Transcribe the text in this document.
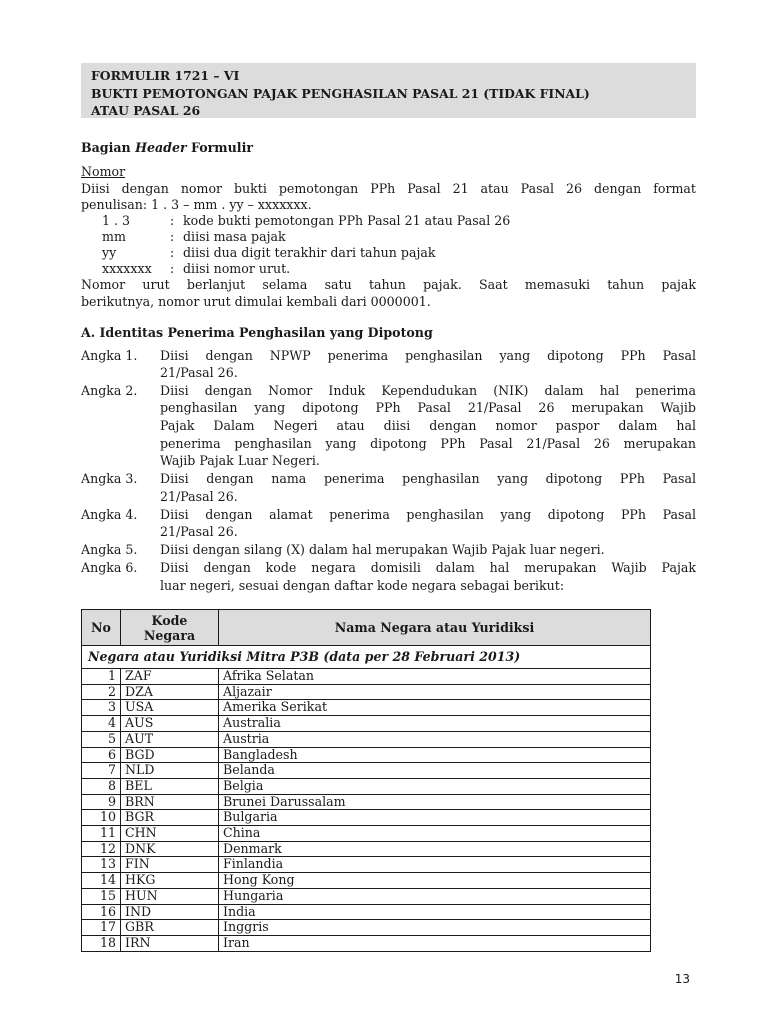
FORMULIR 1721 – VI
BUKTI PEMOTONGAN PAJAK PENGHASILAN PASAL 21 (TIDAK FINAL)
ATAU PASAL 26
Bagian Header Formulir
Nomor
Diisi dengan nomor bukti pemotongan PPh Pasal 21 atau Pasal 26 dengan format
penulisan: 1 . 3 – mm . yy – xxxxxxx.
1 . 3	: kode bukti pemotongan PPh Pasal 21 atau Pasal 26
mm	: diisi masa pajak
yy	: diisi dua digit terakhir dari tahun pajak
xxxxxxx : diisi nomor urut.
Nomor urut berlanjut selama satu tahun pajak. Saat memasuki tahun pajak
berikutnya, nomor urut dimulai kembali dari 0000001.
A. Identitas Penerima Penghasilan yang Dipotong
Angka 1. Diisi dengan NPWP penerima penghasilan yang dipotong PPh Pasal
21/Pasal 26.
Angka 2. Diisi dengan Nomor Induk Kependudukan (NIK) dalam hal penerima
penghasilan yang dipotong PPh Pasal 21/Pasal 26 merupakan Wajib
Pajak Dalam Negeri atau diisi dengan nomor paspor dalam hal
penerima penghasilan yang dipotong PPh Pasal 21/Pasal 26 merupakan
Wajib Pajak Luar Negeri.
Angka 3. Diisi dengan nama penerima penghasilan yang dipotong PPh Pasal
21/Pasal 26.
Angka 4. Diisi dengan alamat penerima penghasilan yang dipotong PPh Pasal
21/Pasal 26.
Angka 5. Diisi dengan silang (X) dalam hal merupakan Wajib Pajak luar negeri.
Angka 6. Diisi dengan kode negara domisili dalam hal merupakan Wajib Pajak
luar negeri, sesuai dengan daftar kode negara sebagai berikut:
No	Kode
Negara	Nama Negara atau Yuridiksi
Negara atau Yuridiksi Mitra P3B (data per 28 Februari 2013)		
1	ZAF	Afrika Selatan
2	DZA	Aljazair
3	USA	Amerika Serikat
4	AUS	Australia
5	AUT	Austria
6	BGD	Bangladesh
7	NLD	Belanda
8	BEL	Belgia
9	BRN	Brunei Darussalam
10	BGR	Bulgaria
11	CHN	China
12	DNK	Denmark
13	FIN	Finlandia
14	HKG	Hong Kong
15	HUN	Hungaria
16	IND	India
17	GBR	Inggris
18	IRN	Iran
13
